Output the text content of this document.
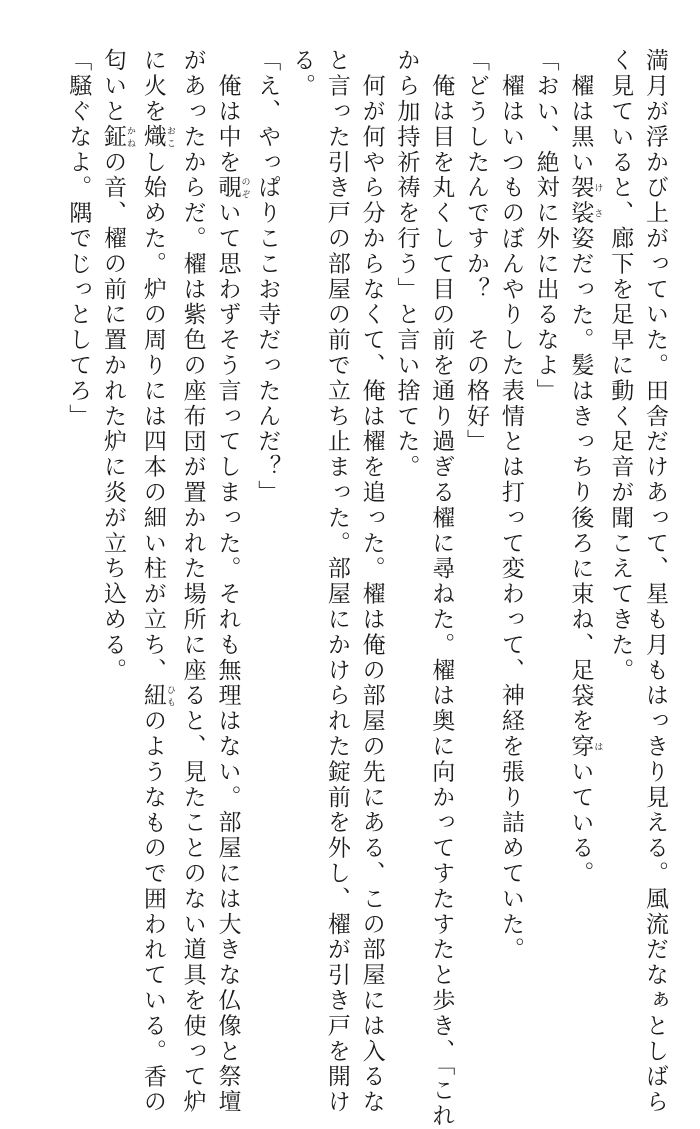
満月が浮かび上がっていた。田舎だけあって、星も月もはっきり見える。風流だなぁとしばら
く見ていると、廊下を足早に動く足音が聞こえてきた。
　櫂は黒い袈裟 けさ姿だった。髪はきっちり後ろに束ね、足袋を穿 はいている。
「おい、絶対に外に出るなよ」
　櫂はいつものぼんやりした表情とは打って変わって、神経を張り詰めていた。
「どうしたんですか？　その格好」
　俺は目を丸くして目の前を通り過ぎる櫂に尋ねた。櫂は奥に向かってすたすたと歩き、「これ
から加持祈祷を行う」と言い捨てた。
　何が何やら分からなくて、俺は櫂を追った。櫂は俺の部屋の先にある、この部屋には入るな
と言った引き戸の部屋の前で立ち止まった。部屋にかけられた錠前を外し、櫂が引き戸を開け
る。
「え、やっぱりここお寺だったんだ？」
　俺は中を覗 のぞいて思わずそう言ってしまった。それも無理はない。部屋には大きな仏像と祭壇
があったからだ。櫂は紫色の座布団が置かれた場所に座ると、見たことのない道具を使って炉
に火を熾 おこし始めた。炉の周りには四本の細い柱が立ち、紐 ひものようなもので囲われている。香の
匂いと鉦 かねの音、櫂の前に置かれた炉に炎が立ち込める。
「騒ぐなよ。隅でじっとしてろ」
